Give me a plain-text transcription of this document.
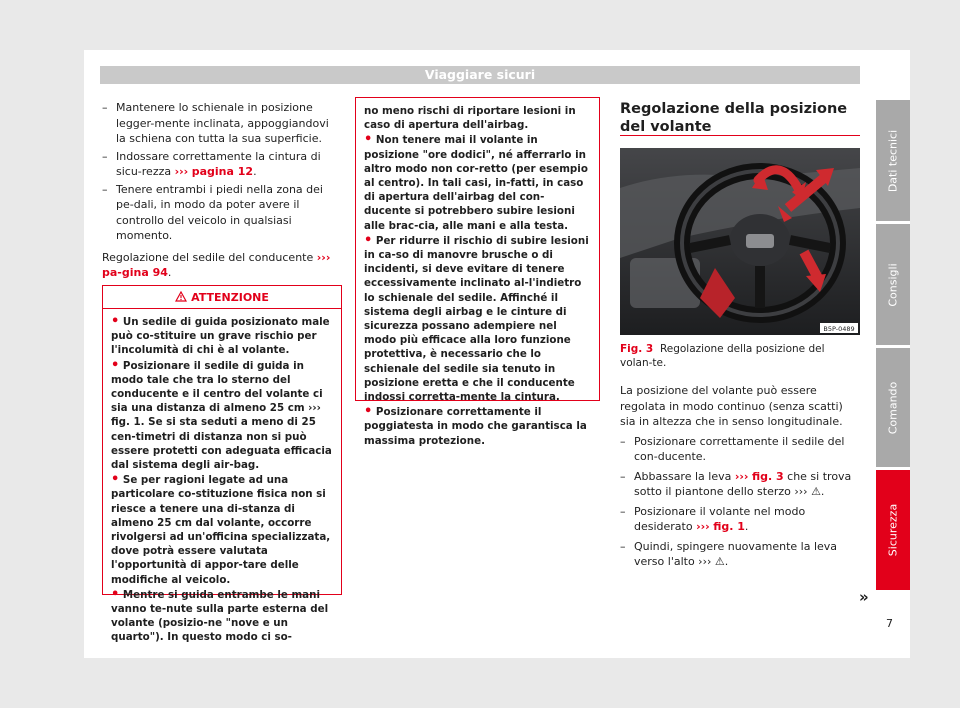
Viaggiare sicuri
– Mantenere lo schienale in posizione legger-mente inclinata, appoggiandovi la schiena con tutta la sua superficie.
– Indossare correttamente la cintura di sicu-rezza ››› pagina 12.
– Tenere entrambi i piedi nella zona dei pe-dali, in modo da poter avere il controllo del veicolo in qualsiasi momento.
Regolazione del sedile del conducente ››› pa-gina 94.
ATTENZIONE
• Un sedile di guida posizionato male può co-stituire un grave rischio per l'incolumità di chi è al volante.
• Posizionare il sedile di guida in modo tale che tra lo sterno del conducente e il centro del volante ci sia una distanza di almeno 25 cm ››› fig. 1. Se si sta seduti a meno di 25 cen-timetri di distanza non si può essere protetti con adeguata efficacia dal sistema degli air-bag.
• Se per ragioni legate ad una particolare co-stituzione fisica non si riesce a tenere una di-stanza di almeno 25 cm dal volante, occorre rivolgersi ad un'officina specializzata, dove potrà essere valutata l'opportunità di appor-tare delle modifiche al veicolo.
• Mentre si guida entrambe le mani vanno te-nute sulla parte esterna del volante (posizio-ne "nove e un quarto"). In questo modo ci so-
no meno rischi di riportare lesioni in caso di apertura dell'airbag.
• Non tenere mai il volante in posizione "ore dodici", né afferrarlo in altro modo non cor-retto (per esempio al centro). In tali casi, in-fatti, in caso di apertura dell'airbag del con-ducente si potrebbero subire lesioni alle brac-cia, alle mani e alla testa.
• Per ridurre il rischio di subire lesioni in ca-so di manovre brusche o di incidenti, si deve evitare di tenere eccessivamente inclinato al-l'indietro lo schienale del sedile. Affinché il sistema degli airbag e le cinture di sicurezza possano adempiere nel modo più efficace alla loro funzione protettiva, è necessario che lo schienale del sedile sia tenuto in posizione eretta e che il conducente indossi corretta-mente la cintura.
• Posizionare correttamente il poggiatesta in modo che garantisca la massima protezione.
Regolazione della posizione del volante
B5P-0489
Fig. 3 Regolazione della posizione del volan-te.
La posizione del volante può essere regolata in modo continuo (senza scatti) sia in altezza che in senso longitudinale.
– Posizionare correttamente il sedile del con-ducente.
– Abbassare la leva ››› fig. 3 che si trova sotto il piantone dello sterzo ››› ⚠.
– Posizionare il volante nel modo desiderato ››› fig. 1.
– Quindi, spingere nuovamente la leva verso l'alto ››› ⚠.
Dati tecnici
Consigli
Comando
Sicurezza
»
7
